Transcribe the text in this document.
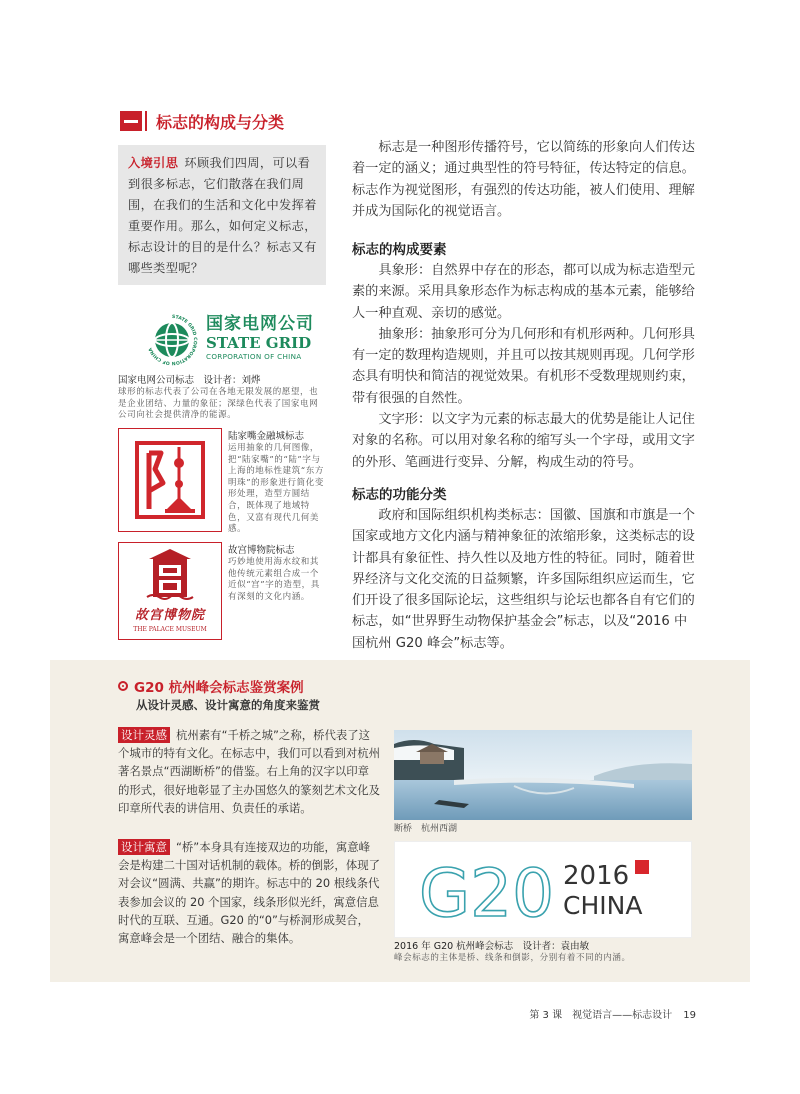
标志的构成与分类
入境引思 环顾我们四周，可以看到很多标志，它们散落在我们周围，在我们的生活和文化中发挥着重要作用。那么，如何定义标志，标志设计的目的是什么？标志又有哪些类型呢？

标志是一种图形传播符号，它以简练的形象向人们传达着一定的涵义；通过典型性的符号特征，传达特定的信息。标志作为视觉图形，有强烈的传达功能，被人们使用、理解并成为国际化的视觉语言。

标志的构成要素

具象形：自然界中存在的形态，都可以成为标志造型元素的来源。采用具象形态作为标志构成的基本元素，能够给人一种直观、亲切的感觉。

抽象形：抽象形可分为几何形和有机形两种。几何形具有一定的数理构造规则，并且可以按其规则再现。几何学形态具有明快和简洁的视觉效果。有机形不受数理规则约束，带有很强的自然性。

文字形：以文字为元素的标志最大的优势是能让人记住对象的名称。可以用对象名称的缩写头一个字母，或用文字的外形、笔画进行变异、分解，构成生动的符号。

标志的功能分类

政府和国际组织机构类标志：国徽、国旗和市旗是一个国家或地方文化内涵与精神象征的浓缩形象，这类标志的设计都具有象征性、持久性以及地方性的特征。同时，随着世界经济与文化交流的日益频繁，许多国际组织应运而生，它们开设了很多国际论坛，这些组织与论坛也都各自有它们的标志，如“世界野生动物保护基金会”标志，以及“2016 中国杭州 G20 峰会”标志等。

STATE GRID CORPORATION OF CHINA
国家电网公司
STATE GRID
CORPORATION OF CHINA
国家电网公司标志　设计者：刘烨
球形的标志代表了公司在各地无限发展的愿望，也是企业团结、力量的象征；深绿色代表了国家电网公司向社会提供清净的能源。
陆家嘴金融城标志
运用抽象的几何图像，把“陆家嘴”的“陆”字与上海的地标性建筑“东方明珠”的形象进行简化变形处理，造型方圆结合，既体现了地域特色，又富有现代几何美感。
故宫博物院
THE PALACE MUSEUM
故宫博物院标志
巧妙地使用海水纹和其他传统元素组合成一个近似“宫”字的造型，具有深刻的文化内涵。
G20 杭州峰会标志鉴赏案例
从设计灵感、设计寓意的角度来鉴赏

设计灵感 杭州素有“千桥之城”之称，桥代表了这个城市的特有文化。在标志中，我们可以看到对杭州著名景点“西湖断桥”的借鉴。右上角的汉字以印章的形式，很好地彰显了主办国悠久的篆刻艺术文化及印章所代表的讲信用、负责任的承诺。

设计寓意 “桥”本身具有连接双边的功能，寓意峰会是构建二十国对话机制的载体。桥的倒影，体现了对会议“圆满、共赢”的期许。标志中的 20 根线条代表参加会议的 20 个国家，线条形似光纤，寓意信息时代的互联、互通。G20 的“0”与桥洞形成契合，寓意峰会是一个团结、融合的集体。

断桥　杭州西湖
G20 2016
CHINA
2016 年 G20 杭州峰会标志　设计者：袁由敏
峰会标志的主体是桥、线条和倒影，分别有着不同的内涵。
第 3 课　视觉语言——标志设计 19
